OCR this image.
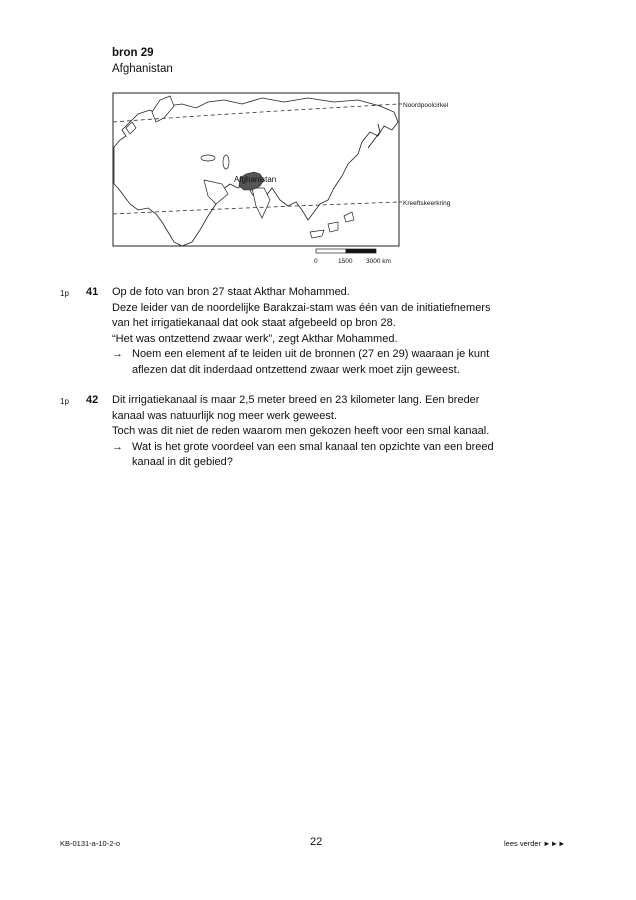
bron 29
Afghanistan
Afghanistan
Noordpoolcirkel
Kreeftskeerkring
0	1500 3000 km
1p 41 Op de foto van bron 27 staat Akthar Mohammed.

Deze leider van de noordelijke Barakzai-stam was één van de initiatiefnemers

van het irrigatiekanaal dat ook staat afgebeeld op bron 28.

“Het was ontzettend zwaar werk”, zegt Akthar Mohammed.

→ Noem een element af te leiden uit de bronnen (27 en 29) waaraan je kunt

aflezen dat dit inderdaad ontzettend zwaar werk moet zijn geweest.

1p 42 Dit irrigatiekanaal is maar 2,5 meter breed en 23 kilometer lang. Een breder

kanaal was natuurlijk nog meer werk geweest.

Toch was dit niet de reden waarom men gekozen heeft voor een smal kanaal.

→ Wat is het grote voordeel van een smal kanaal ten opzichte van een breed

kanaal in dit gebied?

KB-0131-a-10-2-o	22	lees verder ►►►
